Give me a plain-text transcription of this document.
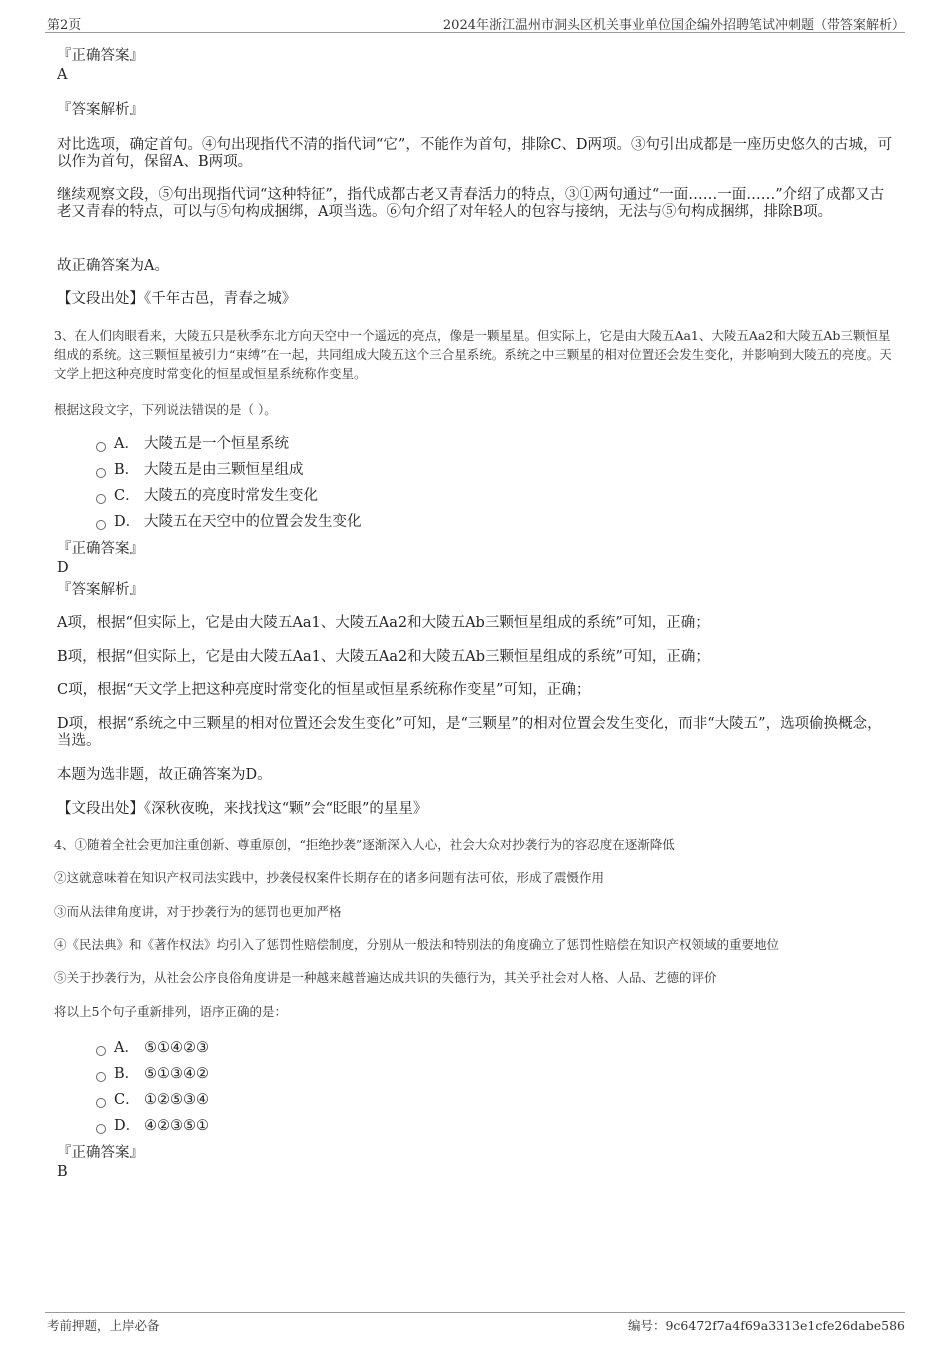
第2页	2024年浙江温州市洞头区机关事业单位国企编外招聘笔试冲刺题（带答案解析）
『正确答案』
A
『答案解析』
对比选项，确定首句。④句出现指代不清的指代词“它”，不能作为首句，排除C、D两项。③句引出成都是一座历史悠久的古城，可以作为首句，保留A、B两项。
继续观察文段，⑤句出现指代词“这种特征”，指代成都古老又青春活力的特点，③①两句通过“一面……一面……”介绍了成都又古老又青春的特点，可以与⑤句构成捆绑，A项当选。⑥句介绍了对年轻人的包容与接纳，无法与⑤句构成捆绑，排除B项。
故正确答案为A。
【文段出处】《千年古邑，青春之城》
3、在人们肉眼看来，大陵五只是秋季东北方向天空中一个遥远的亮点，像是一颗星星。但实际上，它是由大陵五Aa1、大陵五Aa2和大陵五Ab三颗恒星组成的系统。这三颗恒星被引力“束缚”在一起，共同组成大陵五这个三合星系统。系统之中三颗星的相对位置还会发生变化，并影响到大陵五的亮度。天文学上把这种亮度时常变化的恒星或恒星系统称作变星。
根据这段文字，下列说法错误的是（ ）。
A． 大陵五是一个恒星系统
B． 大陵五是由三颗恒星组成
C． 大陵五的亮度时常发生变化
D． 大陵五在天空中的位置会发生变化
『正确答案』
D
『答案解析』
A项，根据“但实际上，它是由大陵五Aa1、大陵五Aa2和大陵五Ab三颗恒星组成的系统”可知，正确；
B项，根据“但实际上，它是由大陵五Aa1、大陵五Aa2和大陵五Ab三颗恒星组成的系统”可知，正确；
C项，根据“天文学上把这种亮度时常变化的恒星或恒星系统称作变星”可知，正确；
D项，根据“系统之中三颗星的相对位置还会发生变化”可知，是“三颗星”的相对位置会发生变化，而非“大陵五”，选项偷换概念，当选。
本题为选非题，故正确答案为D。
【文段出处】《深秋夜晚，来找找这“颗”会“眨眼”的星星》
4、①随着全社会更加注重创新、尊重原创，“拒绝抄袭”逐渐深入人心，社会大众对抄袭行为的容忍度在逐渐降低
②这就意味着在知识产权司法实践中，抄袭侵权案件长期存在的诸多问题有法可依，形成了震慑作用
③而从法律角度讲，对于抄袭行为的惩罚也更加严格
④《民法典》和《著作权法》均引入了惩罚性赔偿制度，分别从一般法和特别法的角度确立了惩罚性赔偿在知识产权领域的重要地位
⑤关于抄袭行为，从社会公序良俗角度讲是一种越来越普遍达成共识的失德行为，其关乎社会对人格、人品、艺德的评价
将以上5个句子重新排列，语序正确的是：
A． ⑤①④②③
B． ⑤①③④②
C． ①②⑤③④
D． ④②③⑤①
『正确答案』
B
考前押题，上岸必备	编号：9c6472f7a4f69a3313e1cfe26dabe586
